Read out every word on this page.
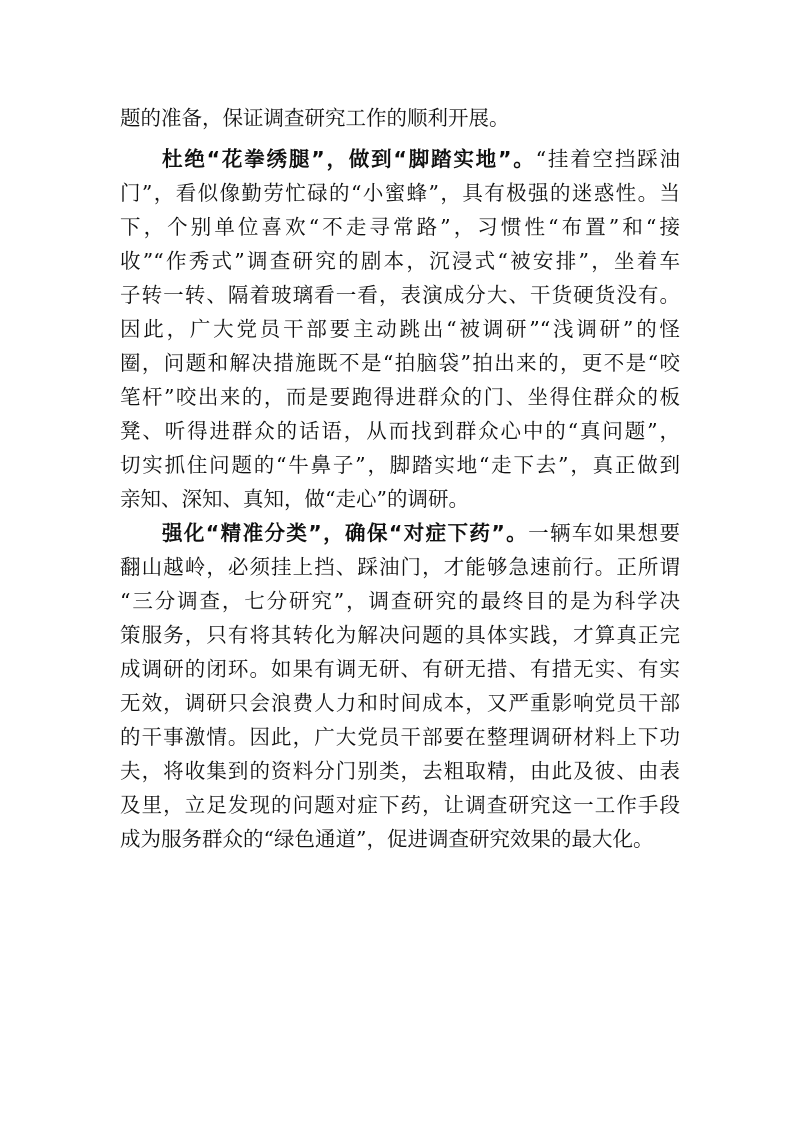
题的准备，保证调查研究工作的顺利开展。
杜绝“花拳绣腿”，做到“脚踏实地”。“挂着空挡踩油
门”，看似像勤劳忙碌的“小蜜蜂”，具有极强的迷惑性。当
下，个别单位喜欢“不走寻常路”，习惯性“布置”和“接
收”“作秀式”调查研究的剧本，沉浸式“被安排”，坐着车
子转一转、隔着玻璃看一看，表演成分大、干货硬货没有。
因此，广大党员干部要主动跳出“被调研”“浅调研”的怪
圈，问题和解决措施既不是“拍脑袋”拍出来的，更不是“咬
笔杆”咬出来的，而是要跑得进群众的门、坐得住群众的板
凳、听得进群众的话语，从而找到群众心中的“真问题”，
切实抓住问题的“牛鼻子”，脚踏实地“走下去”，真正做到
亲知、深知、真知，做“走心”的调研。
强化“精准分类”，确保“对症下药”。一辆车如果想要
翻山越岭，必须挂上挡、踩油门，才能够急速前行。正所谓
“三分调查，七分研究”，调查研究的最终目的是为科学决
策服务，只有将其转化为解决问题的具体实践，才算真正完
成调研的闭环。如果有调无研、有研无措、有措无实、有实
无效，调研只会浪费人力和时间成本，又严重影响党员干部
的干事激情。因此，广大党员干部要在整理调研材料上下功
夫，将收集到的资料分门别类，去粗取精，由此及彼、由表
及里，立足发现的问题对症下药，让调查研究这一工作手段
成为服务群众的“绿色通道”，促进调查研究效果的最大化。
